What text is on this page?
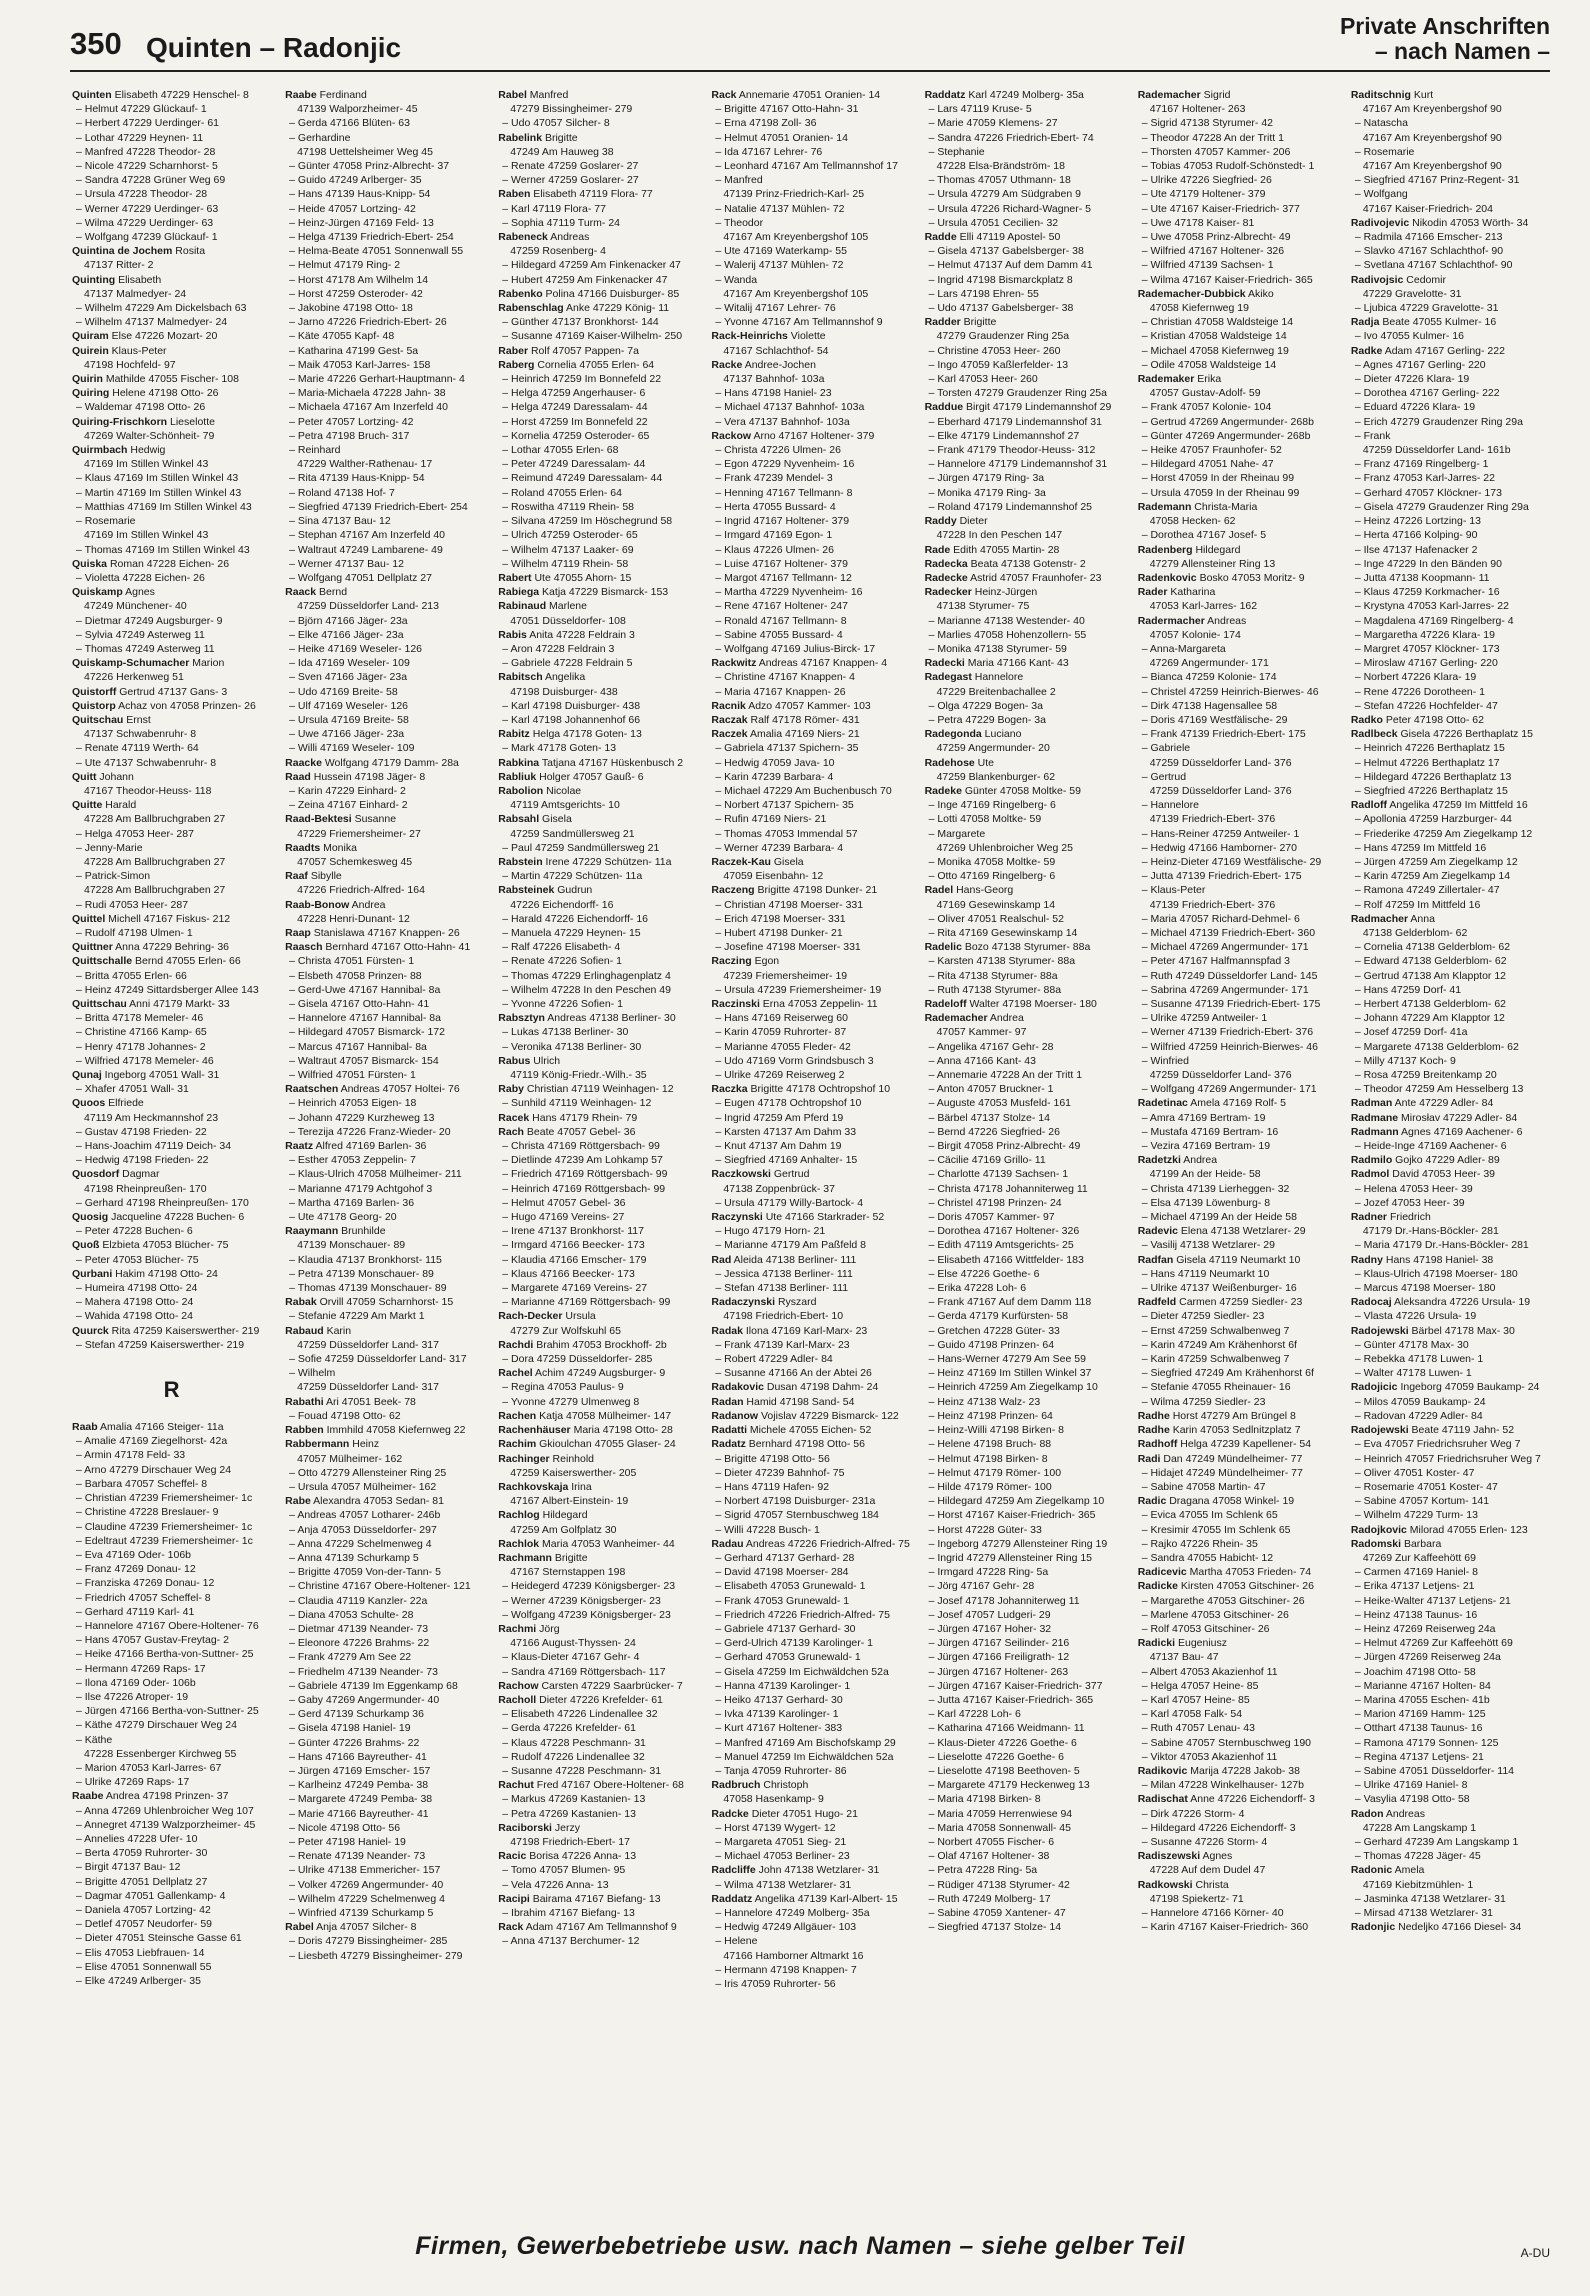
350 Quinten – Radonjic
Private Anschriften
– nach Namen –
Quinten Elisabeth 47229 Henschel- 8
– Helmut 47229 Glückauf- 1
– Herbert 47229 Uerdinger- 61
– Lothar 47229 Heynen- 11
– Manfred 47228 Theodor- 28
– Nicole 47229 Scharnhorst- 5
– Sandra 47228 Grüner Weg 69
– Ursula 47228 Theodor- 28
– Werner 47229 Uerdinger- 63
– Wilma 47229 Uerdinger- 63
– Wolfgang 47239 Glückauf- 1
Quintina de Jochem Rosita
47137 Ritter- 2
Quinting Elisabeth
47137 Malmedyer- 24
– Wilhelm 47229 Am Dickelsbach 63
– Wilhelm 47137 Malmedyer- 24
Quiram Else 47226 Mozart- 20
Quirein Klaus-Peter
47198 Hochfeld- 97
Quirin Mathilde 47055 Fischer- 108
Quiring Helene 47198 Otto- 26
– Waldemar 47198 Otto- 26
Quiring-Frischkorn Lieselotte
47269 Walter-Schönheit- 79
Quirmbach Hedwig
47169 Im Stillen Winkel 43
– Klaus 47169 Im Stillen Winkel 43
– Martin 47169 Im Stillen Winkel 43
– Matthias 47169 Im Stillen Winkel 43
– Rosemarie
47169 Im Stillen Winkel 43
– Thomas 47169 Im Stillen Winkel 43
Quiska Roman 47228 Eichen- 26
– Violetta 47228 Eichen- 26
Quiskamp Agnes
47249 Münchener- 40
– Dietmar 47249 Augsburger- 9
– Sylvia 47249 Asterweg 11
– Thomas 47249 Asterweg 11
Quiskamp-Schumacher Marion
47226 Herkenweg 51
Quistorff Gertrud 47137 Gans- 3
Quistorp Achaz von 47058 Prinzen- 26
Quitschau Ernst
47137 Schwabenruhr- 8
– Renate 47119 Werth- 64
– Ute 47137 Schwabenruhr- 8
Quitt Johann
47167 Theodor-Heuss- 118
Quitte Harald
47228 Am Ballbruchgraben 27
– Helga 47053 Heer- 287
– Jenny-Marie
47228 Am Ballbruchgraben 27
– Patrick-Simon
47228 Am Ballbruchgraben 27
– Rudi 47053 Heer- 287
Quittel Michell 47167 Fiskus- 212
– Rudolf 47198 Ulmen- 1
Quittner Anna 47229 Behring- 36
Quittschalle Bernd 47055 Erlen- 66
– Britta 47055 Erlen- 66
– Heinz 47249 Sittardsberger Allee 143
Quittschau Anni 47179 Markt- 33
– Britta 47178 Memeler- 46
– Christine 47166 Kamp- 65
– Henry 47178 Johannes- 2
– Wilfried 47178 Memeler- 46
Qunaj Ingeborg 47051 Wall- 31
– Xhafer 47051 Wall- 31
Quoos Elfriede
47119 Am Heckmannshof 23
– Gustav 47198 Frieden- 22
– Hans-Joachim 47119 Deich- 34
– Hedwig 47198 Frieden- 22
Quosdorf Dagmar
47198 Rheinpreußen- 170
– Gerhard 47198 Rheinpreußen- 170
Quosig Jacqueline 47228 Buchen- 6
– Peter 47228 Buchen- 6
Quoß Elzbieta 47053 Blücher- 75
– Peter 47053 Blücher- 75
Qurbani Hakim 47198 Otto- 24
– Humeira 47198 Otto- 24
– Mahera 47198 Otto- 24
– Wahida 47198 Otto- 24
Quurck Rita 47259 Kaiserswerther- 219
– Stefan 47259 Kaiserswerther- 219
R
Raab Amalia 47166 Steiger- 11a
– Amalie 47169 Ziegelhorst- 42a
– Armin 47178 Feld- 33
– Arno 47279 Dirschauer Weg 24
– Barbara 47057 Scheffel- 8
– Christian 47239 Friemersheimer- 1c
– Christine 47228 Breslauer- 9
– Claudine 47239 Friemersheimer- 1c
– Edeltraut 47239 Friemersheimer- 1c
– Eva 47169 Oder- 106b
– Franz 47269 Donau- 12
– Franziska 47269 Donau- 12
– Friedrich 47057 Scheffel- 8
– Gerhard 47119 Karl- 41
– Hannelore 47167 Obere-Holtener- 76
– Hans 47057 Gustav-Freytag- 2
– Heike 47166 Bertha-von-Suttner- 25
– Hermann 47269 Raps- 17
– Ilona 47169 Oder- 106b
– Ilse 47226 Atroper- 19
– Jürgen 47166 Bertha-von-Suttner- 25
– Käthe 47279 Dirschauer Weg 24
– Käthe
47228 Essenberger Kirchweg 55
– Marion 47053 Karl-Jarres- 67
– Ulrike 47269 Raps- 17
Raabe Andrea 47198 Prinzen- 37
– Anna 47269 Uhlenbroicher Weg 107
– Annegret 47139 Walzporzheimer- 45
– Annelies 47228 Ufer- 10
– Berta 47059 Ruhrorter- 30
– Birgit 47137 Bau- 12
– Brigitte 47051 Dellplatz 27
– Dagmar 47051 Gallenkamp- 4
– Daniela 47057 Lortzing- 42
– Detlef 47057 Neudorfer- 59
– Dieter 47051 Steinsche Gasse 61
– Elis 47053 Liebfrauen- 14
– Elise 47051 Sonnenwall 55
– Elke 47249 Arlberger- 35
Raabe Ferdinand
47139 Walporzheimer- 45
– Gerda 47166 Blüten- 63
– Gerhardine
47198 Uettelsheimer Weg 45
– Günter 47058 Prinz-Albrecht- 37
– Guido 47249 Arlberger- 35
– Hans 47139 Haus-Knipp- 54
– Heide 47057 Lortzing- 42
– Heinz-Jürgen 47169 Feld- 13
– Helga 47139 Friedrich-Ebert- 254
– Helma-Beate 47051 Sonnenwall 55
– Helmut 47179 Ring- 2
– Horst 47178 Am Wilhelm 14
– Horst 47259 Osteroder- 42
– Jakobine 47198 Otto- 18
– Jarno 47226 Friedrich-Ebert- 26
– Käte 47055 Kapf- 48
– Katharina 47199 Gest- 5a
– Maik 47053 Karl-Jarres- 158
– Marie 47226 Gerhart-Hauptmann- 4
– Maria-Michaela 47228 Jahn- 38
– Michaela 47167 Am Inzerfeld 40
– Peter 47057 Lortzing- 42
– Petra 47198 Bruch- 317
– Reinhard
47229 Walther-Rathenau- 17
– Rita 47139 Haus-Knipp- 54
– Roland 47138 Hof- 7
– Siegfried 47139 Friedrich-Ebert- 254
– Sina 47137 Bau- 12
– Stephan 47167 Am Inzerfeld 40
– Waltraut 47249 Lambarene- 49
– Werner 47137 Bau- 12
– Wolfgang 47051 Dellplatz 27
Raack Bernd
47259 Düsseldorfer Land- 213
– Björn 47166 Jäger- 23a
– Elke 47166 Jäger- 23a
– Heike 47169 Weseler- 126
– Ida 47169 Weseler- 109
– Sven 47166 Jäger- 23a
– Udo 47169 Breite- 58
– Ulf 47169 Weseler- 126
– Ursula 47169 Breite- 58
– Uwe 47166 Jäger- 23a
– Willi 47169 Weseler- 109
Raacke Wolfgang 47179 Damm- 28a
Raad Hussein 47198 Jäger- 8
– Karin 47229 Einhard- 2
– Zeina 47167 Einhard- 2
Raad-Bektesi Susanne
47229 Friemersheimer- 27
Raadts Monika
47057 Schemkesweg 45
Raaf Sibylle
47226 Friedrich-Alfred- 164
Raab-Bonow Andrea
47228 Henri-Dunant- 12
Raap Stanislawa 47167 Knappen- 26
Raasch Bernhard 47167 Otto-Hahn- 41
– Christa 47051 Fürsten- 1
– Elsbeth 47058 Prinzen- 88
– Gerd-Uwe 47167 Hannibal- 8a
– Gisela 47167 Otto-Hahn- 41
– Hannelore 47167 Hannibal- 8a
– Hildegard 47057 Bismarck- 172
– Marcus 47167 Hannibal- 8a
– Waltraut 47057 Bismarck- 154
– Wilfried 47051 Fürsten- 1
Raatschen Andreas 47057 Holtei- 76
– Heinrich 47053 Eigen- 18
– Johann 47229 Kurzheweg 13
– Terezija 47226 Franz-Wieder- 20
Raatz Alfred 47169 Barlen- 36
– Esther 47053 Zeppelin- 7
– Klaus-Ulrich 47058 Mülheimer- 211
– Marianne 47179 Achtgohof 3
– Martha 47169 Barlen- 36
– Ute 47178 Georg- 20
Raaymann Brunhilde
47139 Monschauer- 89
– Klaudia 47137 Bronkhorst- 115
– Petra 47139 Monschauer- 89
– Thomas 47139 Monschauer- 89
Rabak Orvill 47059 Scharnhorst- 15
– Stefanie 47229 Am Markt 1
Rabaud Karin
47259 Düsseldorfer Land- 317
– Sofie 47259 Düsseldorfer Land- 317
– Wilhelm
47259 Düsseldorfer Land- 317
Rabathi Ari 47051 Beek- 78
– Fouad 47198 Otto- 62
Rabben Immhild 47058 Kiefernweg 22
Rabbermann Heinz
47057 Mülheimer- 162
– Otto 47279 Allensteiner Ring 25
– Ursula 47057 Mülheimer- 162
Rabe Alexandra 47053 Sedan- 81
– Andreas 47057 Lotharer- 246b
– Anja 47053 Düsseldorfer- 297
– Anna 47229 Schelmenweg 4
– Anna 47139 Schurkamp 5
– Brigitte 47059 Von-der-Tann- 5
– Christine 47167 Obere-Holtener- 121
– Claudia 47119 Kanzler- 22a
– Diana 47053 Schulte- 28
– Dietmar 47139 Neander- 73
– Eleonore 47226 Brahms- 22
– Frank 47279 Am See 22
– Friedhelm 47139 Neander- 73
– Gabriele 47139 Im Eggenkamp 68
– Gaby 47269 Angermunder- 40
– Gerd 47139 Schurkamp 36
– Gisela 47198 Haniel- 19
– Günter 47226 Brahms- 22
– Hans 47166 Bayreuther- 41
– Jürgen 47169 Emscher- 157
– Karlheinz 47249 Pemba- 38
– Margarete 47249 Pemba- 38
– Marie 47166 Bayreuther- 41
– Nicole 47198 Otto- 56
– Peter 47198 Haniel- 19
– Renate 47139 Neander- 73
– Ulrike 47138 Emmericher- 157
– Volker 47269 Angermunder- 40
– Wilhelm 47229 Schelmenweg 4
– Winfried 47139 Schurkamp 5
Rabel Anja 47057 Silcher- 8
– Doris 47279 Bissingheimer- 285
– Liesbeth 47279 Bissingheimer- 279
Rabel Manfred
47279 Bissingheimer- 279
– Udo 47057 Silcher- 8
Rabelink Brigitte
47249 Am Hauweg 38
– Renate 47259 Goslarer- 27
– Werner 47259 Goslarer- 27
Raben Elisabeth 47119 Flora- 77
– Karl 47119 Flora- 77
– Sophia 47119 Turm- 24
Rabeneck Andreas
47259 Rosenberg- 4
– Hildegard 47259 Am Finkenacker 47
– Hubert 47259 Am Finkenacker 47
Rabenko Polina 47166 Duisburger- 85
Rabenschlag Anke 47229 König- 11
– Günther 47137 Bronkhorst- 144
– Susanne 47169 Kaiser-Wilhelm- 250
Raber Rolf 47057 Pappen- 7a
Raberg Cornelia 47055 Erlen- 64
– Heinrich 47259 Im Bonnefeld 22
– Helga 47259 Angerhauser- 6
– Helga 47249 Daressalam- 44
– Horst 47259 Im Bonnefeld 22
– Kornelia 47259 Osteroder- 65
– Lothar 47055 Erlen- 68
– Peter 47249 Daressalam- 44
– Reimund 47249 Daressalam- 44
– Roland 47055 Erlen- 64
– Roswitha 47119 Rhein- 58
– Silvana 47259 Im Höschegrund 58
– Ulrich 47259 Osteroder- 65
– Wilhelm 47137 Laaker- 69
– Wilhelm 47119 Rhein- 58
Rabert Ute 47055 Ahorn- 15
Rabiega Katja 47229 Bismarck- 153
Rabinaud Marlene
47051 Düsseldorfer- 108
Rabis Anita 47228 Feldrain 3
– Aron 47228 Feldrain 3
– Gabriele 47228 Feldrain 5
Rabitsch Angelika
47198 Duisburger- 438
– Karl 47198 Duisburger- 438
– Karl 47198 Johannenhof 66
Rabitz Helga 47178 Goten- 13
– Mark 47178 Goten- 13
Rabkina Tatjana 47167 Hüskenbusch 2
Rabliuk Holger 47057 Gauß- 6
Rabolion Nicolae
47119 Amtsgerichts- 10
Rabsahl Gisela
47259 Sandmüllersweg 21
– Paul 47259 Sandmüllersweg 21
Rabstein Irene 47229 Schützen- 11a
– Martin 47229 Schützen- 11a
Rabsteinek Gudrun
47226 Eichendorff- 16
– Harald 47226 Eichendorff- 16
– Manuela 47229 Heynen- 15
– Ralf 47226 Elisabeth- 4
– Renate 47226 Sofien- 1
– Thomas 47229 Erlinghagenplatz 4
– Wilhelm 47228 In den Peschen 49
– Yvonne 47226 Sofien- 1
Rabsztyn Andreas 47138 Berliner- 30
– Lukas 47138 Berliner- 30
– Veronika 47138 Berliner- 30
Rabus Ulrich
47119 König-Friedr.-Wilh.- 35
Raby Christian 47119 Weinhagen- 12
– Sunhild 47119 Weinhagen- 12
Racek Hans 47179 Rhein- 79
Rach Beate 47057 Gebel- 36
– Christa 47169 Röttgersbach- 99
– Dietlinde 47239 Am Lohkamp 57
– Friedrich 47169 Röttgersbach- 99
– Heinrich 47169 Röttgersbach- 99
– Helmut 47057 Gebel- 36
– Hugo 47169 Vereins- 27
– Irene 47137 Bronkhorst- 117
– Irmgard 47166 Beecker- 173
– Klaudia 47166 Emscher- 179
– Klaus 47166 Beecker- 173
– Margarete 47169 Vereins- 27
– Marianne 47169 Röttgersbach- 99
Rach-Decker Ursula
47279 Zur Wolfskuhl 65
Rachdi Brahim 47053 Brockhoff- 2b
– Dora 47259 Düsseldorfer- 285
Rachel Achim 47249 Augsburger- 9
– Regina 47053 Paulus- 9
– Yvonne 47279 Ulmenweg 8
Rachen Katja 47058 Mülheimer- 147
Rachenhäuser Maria 47198 Otto- 28
Rachim Gkioulchan 47055 Glaser- 24
Rachinger Reinhold
47259 Kaiserswerther- 205
Rachkovskaja Irina
47167 Albert-Einstein- 19
Rachlog Hildegard
47259 Am Golfplatz 30
Rachlok Maria 47053 Wanheimer- 44
Rachmann Brigitte
47167 Sternstappen 198
– Heidegerd 47239 Königsberger- 23
– Werner 47239 Königsberger- 23
– Wolfgang 47239 Königsberger- 23
Rachmi Jörg
47166 August-Thyssen- 24
– Klaus-Dieter 47167 Gehr- 4
– Sandra 47169 Röttgersbach- 117
Rachow Carsten 47229 Saarbrücker- 7
Racholl Dieter 47226 Krefelder- 61
– Elisabeth 47226 Lindenallee 32
– Gerda 47226 Krefelder- 61
– Klaus 47228 Peschmann- 31
– Rudolf 47226 Lindenallee 32
– Susanne 47228 Peschmann- 31
Rachut Fred 47167 Obere-Holtener- 68
– Markus 47269 Kastanien- 13
– Petra 47269 Kastanien- 13
Raciborski Jerzy
47198 Friedrich-Ebert- 17
Racic Borisa 47226 Anna- 13
– Tomo 47057 Blumen- 95
– Vela 47226 Anna- 13
Racipi Bairama 47167 Biefang- 13
– Ibrahim 47167 Biefang- 13
Rack Adam 47167 Am Tellmannshof 9
– Anna 47137 Berchumer- 12
Rack Annemarie 47051 Oranien- 14
– Brigitte 47167 Otto-Hahn- 31
– Erna 47198 Zoll- 36
– Helmut 47051 Oranien- 14
– Ida 47167 Lehrer- 76
– Leonhard 47167 Am Tellmannshof 17
– Manfred
47139 Prinz-Friedrich-Karl- 25
– Natalie 47137 Mühlen- 72
– Theodor
47167 Am Kreyenbergshof 105
– Ute 47169 Waterkamp- 55
– Walerij 47137 Mühlen- 72
– Wanda
47167 Am Kreyenbergshof 105
– Witalij 47167 Lehrer- 76
– Yvonne 47167 Am Tellmannshof 9
Rack-Heinrichs Violette
47167 Schlachthof- 54
Racke Andree-Jochen
47137 Bahnhof- 103a
– Hans 47198 Haniel- 23
– Michael 47137 Bahnhof- 103a
– Vera 47137 Bahnhof- 103a
Rackow Arno 47167 Holtener- 379
– Christa 47226 Ulmen- 26
– Egon 47229 Nyvenheim- 16
– Frank 47239 Mendel- 3
– Henning 47167 Tellmann- 8
– Herta 47055 Bussard- 4
– Ingrid 47167 Holtener- 379
– Irmgard 47169 Egon- 1
– Klaus 47226 Ulmen- 26
– Luise 47167 Holtener- 379
– Margot 47167 Tellmann- 12
– Martha 47229 Nyvenheim- 16
– Rene 47167 Holtener- 247
– Ronald 47167 Tellmann- 8
– Sabine 47055 Bussard- 4
– Wolfgang 47169 Julius-Birck- 17
Rackwitz Andreas 47167 Knappen- 4
– Christine 47167 Knappen- 4
– Maria 47167 Knappen- 26
Racnik Adzo 47057 Kammer- 103
Raczak Ralf 47178 Römer- 431
Raczek Amalia 47169 Niers- 21
– Gabriela 47137 Spichern- 35
– Hedwig 47059 Java- 10
– Karin 47239 Barbara- 4
– Michael 47229 Am Buchenbusch 70
– Norbert 47137 Spichern- 35
– Rufin 47169 Niers- 21
– Thomas 47053 Immendal 57
– Werner 47239 Barbara- 4
Raczek-Kau Gisela
47059 Eisenbahn- 12
Raczeng Brigitte 47198 Dunker- 21
– Christian 47198 Moerser- 331
– Erich 47198 Moerser- 331
– Hubert 47198 Dunker- 21
– Josefine 47198 Moerser- 331
Raczing Egon
47239 Friemersheimer- 19
– Ursula 47239 Friemersheimer- 19
Raczinski Erna 47053 Zeppelin- 11
– Hans 47169 Reiserweg 60
– Karin 47059 Ruhrorter- 87
– Marianne 47055 Fleder- 42
– Udo 47169 Vorm Grindsbusch 3
– Ulrike 47269 Reiserweg 2
Raczka Brigitte 47178 Ochtropshof 10
– Eugen 47178 Ochtropshof 10
– Ingrid 47259 Am Pferd 19
– Karsten 47137 Am Dahm 33
– Knut 47137 Am Dahm 19
– Siegfried 47169 Anhalter- 15
Raczkowski Gertrud
47138 Zoppenbrück- 37
– Ursula 47179 Willy-Bartock- 4
Raczynski Ute 47166 Starkrader- 52
– Hugo 47179 Horn- 21
– Marianne 47179 Am Paßfeld 8
Rad Aleida 47138 Berliner- 111
– Jessica 47138 Berliner- 111
– Stefan 47138 Berliner- 111
Radaczynski Ryszard
47198 Friedrich-Ebert- 10
Radak Ilona 47169 Karl-Marx- 23
– Frank 47139 Karl-Marx- 23
– Robert 47229 Adler- 84
– Susanne 47166 An der Abtei 26
Radakovic Dusan 47198 Dahm- 24
Radan Hamid 47198 Sand- 54
Radanow Vojislav 47229 Bismarck- 122
Radatti Michele 47055 Eichen- 52
Radatz Bernhard 47198 Otto- 56
– Brigitte 47198 Otto- 56
– Dieter 47239 Bahnhof- 75
– Hans 47119 Hafen- 92
– Norbert 47198 Duisburger- 231a
– Sigrid 47057 Sternbuschweg 184
– Willi 47228 Busch- 1
Radau Andreas 47226 Friedrich-Alfred- 75
– Gerhard 47137 Gerhard- 28
– David 47198 Moerser- 284
– Elisabeth 47053 Grunewald- 1
– Frank 47053 Grunewald- 1
– Friedrich 47226 Friedrich-Alfred- 75
– Gabriele 47137 Gerhard- 30
– Gerd-Ulrich 47139 Karolinger- 1
– Gerhard 47053 Grunewald- 1
– Gisela 47259 Im Eichwäldchen 52a
– Hanna 47139 Karolinger- 1
– Heiko 47137 Gerhard- 30
– Ivka 47139 Karolinger- 1
– Kurt 47167 Holtener- 383
– Manfred 47169 Am Bischofskamp 29
– Manuel 47259 Im Eichwäldchen 52a
– Tanja 47059 Ruhrorter- 86
Radbruch Christoph
47058 Hasenkamp- 9
Radcke Dieter 47051 Hugo- 21
– Horst 47139 Wygert- 12
– Margareta 47051 Sieg- 21
– Michael 47053 Berliner- 23
Radcliffe John 47138 Wetzlarer- 31
– Wilma 47138 Wetzlarer- 31
Raddatz Angelika 47139 Karl-Albert- 15
– Hannelore 47249 Molberg- 35a
– Hedwig 47249 Allgäuer- 103
– Helene
47166 Hamborner Altmarkt 16
– Hermann 47198 Knappen- 7
– Iris 47059 Ruhrorter- 56
Raddatz Karl 47249 Molberg- 35a
– Lars 47119 Kruse- 5
– Marie 47059 Klemens- 27
– Sandra 47226 Friedrich-Ebert- 74
– Stephanie
47228 Elsa-Brändström- 18
– Thomas 47057 Uthmann- 18
– Ursula 47279 Am Südgraben 9
– Ursula 47226 Richard-Wagner- 5
– Ursula 47051 Cecilien- 32
Radde Elli 47119 Apostel- 50
– Gisela 47137 Gabelsberger- 38
– Helmut 47137 Auf dem Damm 41
– Ingrid 47198 Bismarckplatz 8
– Lars 47198 Ehren- 55
– Udo 47137 Gabelsberger- 38
Radder Brigitte
47279 Graudenzer Ring 25a
– Christine 47053 Heer- 260
– Ingo 47059 Kaßlerfelder- 13
– Karl 47053 Heer- 260
– Torsten 47279 Graudenzer Ring 25a
Raddue Birgit 47179 Lindemannshof 29
– Eberhard 47179 Lindemannshof 31
– Elke 47179 Lindemannshof 27
– Frank 47179 Theodor-Heuss- 312
– Hannelore 47179 Lindemannshof 31
– Jürgen 47179 Ring- 3a
– Monika 47179 Ring- 3a
– Roland 47179 Lindemannshof 25
Raddy Dieter
47228 In den Peschen 147
Rade Edith 47055 Martin- 28
Radecka Beata 47138 Gotenstr- 2
Radecke Astrid 47057 Fraunhofer- 23
Radecker Heinz-Jürgen
47138 Styrumer- 75
– Marianne 47138 Westender- 40
– Marlies 47058 Hohenzollern- 55
– Monika 47138 Styrumer- 59
Radecki Maria 47166 Kant- 43
Radegast Hannelore
47229 Breitenbachallee 2
– Olga 47229 Bogen- 3a
– Petra 47229 Bogen- 3a
Radegonda Luciano
47259 Angermunder- 20
Radehose Ute
47259 Blankenburger- 62
Radeke Günter 47058 Moltke- 59
– Inge 47169 Ringelberg- 6
– Lotti 47058 Moltke- 59
– Margarete
47269 Uhlenbroicher Weg 25
– Monika 47058 Moltke- 59
– Otto 47169 Ringelberg- 6
Radel Hans-Georg
47169 Gesewinskamp 14
– Oliver 47051 Realschul- 52
– Rita 47169 Gesewinskamp 14
Radelic Bozo 47138 Styrumer- 88a
– Karsten 47138 Styrumer- 88a
– Rita 47138 Styrumer- 88a
– Ruth 47138 Styrumer- 88a
Radeloff Walter 47198 Moerser- 180
Rademacher Andrea
47057 Kammer- 97
– Angelika 47167 Gehr- 28
– Anna 47166 Kant- 43
– Annemarie 47228 An der Tritt 1
– Anton 47057 Bruckner- 1
– Auguste 47053 Musfeld- 161
– Bärbel 47137 Stolze- 14
– Bernd 47226 Siegfried- 26
– Birgit 47058 Prinz-Albrecht- 49
– Cäcilie 47169 Grillo- 11
– Charlotte 47139 Sachsen- 1
– Christa 47178 Johanniterweg 11
– Christel 47198 Prinzen- 24
– Doris 47057 Kammer- 97
– Dorothea 47167 Holtener- 326
– Edith 47119 Amtsgerichts- 25
– Elisabeth 47166 Wittfelder- 183
– Else 47226 Goethe- 6
– Erika 47228 Loh- 6
– Frank 47167 Auf dem Damm 118
– Gerda 47179 Kurfürsten- 58
– Gretchen 47228 Güter- 33
– Guido 47198 Prinzen- 64
– Hans-Werner 47279 Am See 59
– Heinz 47169 Im Stillen Winkel 37
– Heinrich 47259 Am Ziegelkamp 10
– Heinz 47138 Walz- 23
– Heinz 47198 Prinzen- 64
– Heinz-Willi 47198 Birken- 8
– Helene 47198 Bruch- 88
– Helmut 47198 Birken- 8
– Helmut 47179 Römer- 100
– Hilde 47179 Römer- 100
– Hildegard 47259 Am Ziegelkamp 10
– Horst 47167 Kaiser-Friedrich- 365
– Horst 47228 Güter- 33
– Ingeborg 47279 Allensteiner Ring 19
– Ingrid 47279 Allensteiner Ring 15
– Irmgard 47228 Ring- 5a
– Jörg 47167 Gehr- 28
– Josef 47178 Johanniterweg 11
– Josef 47057 Ludgeri- 29
– Jürgen 47167 Hoher- 32
– Jürgen 47167 Seilinder- 216
– Jürgen 47166 Freiligrath- 12
– Jürgen 47167 Holtener- 263
– Jürgen 47167 Kaiser-Friedrich- 377
– Jutta 47167 Kaiser-Friedrich- 365
– Karl 47228 Loh- 6
– Katharina 47166 Weidmann- 11
– Klaus-Dieter 47226 Goethe- 6
– Lieselotte 47226 Goethe- 6
– Lieselotte 47198 Beethoven- 5
– Margarete 47179 Heckenweg 13
– Maria 47198 Birken- 8
– Maria 47059 Herrenwiese 94
– Maria 47058 Sonnenwall- 45
– Norbert 47055 Fischer- 6
– Olaf 47167 Holtener- 38
– Petra 47228 Ring- 5a
– Rüdiger 47138 Styrumer- 42
– Ruth 47249 Molberg- 17
– Sabine 47059 Xantener- 47
– Siegfried 47137 Stolze- 14
Rademacher Sigrid
47167 Holtener- 263
– Sigrid 47138 Styrumer- 42
– Theodor 47228 An der Tritt 1
– Thorsten 47057 Kammer- 206
– Tobias 47053 Rudolf-Schönstedt- 1
– Ulrike 47226 Siegfried- 26
– Ute 47179 Holtener- 379
– Ute 47167 Kaiser-Friedrich- 377
– Uwe 47178 Kaiser- 81
– Uwe 47058 Prinz-Albrecht- 49
– Wilfried 47167 Holtener- 326
– Wilfried 47139 Sachsen- 1
– Wilma 47167 Kaiser-Friedrich- 365
Rademacher-Dubbick Akiko
47058 Kiefernweg 19
– Christian 47058 Waldsteige 14
– Kristian 47058 Waldsteige 14
– Michael 47058 Kiefernweg 19
– Odile 47058 Waldsteige 14
Rademaker Erika
47057 Gustav-Adolf- 59
– Frank 47057 Kolonie- 104
– Gertrud 47269 Angermunder- 268b
– Günter 47269 Angermunder- 268b
– Heike 47057 Fraunhofer- 52
– Hildegard 47051 Nahe- 47
– Horst 47059 In der Rheinau 99
– Ursula 47059 In der Rheinau 99
Rademann Christa-Maria
47058 Hecken- 62
– Dorothea 47167 Josef- 5
Radenberg Hildegard
47279 Allensteiner Ring 13
Radenkovic Bosko 47053 Moritz- 9
Rader Katharina
47053 Karl-Jarres- 162
Radermacher Andreas
47057 Kolonie- 174
– Anna-Margareta
47269 Angermunder- 171
– Bianca 47259 Kolonie- 174
– Christel 47259 Heinrich-Bierwes- 46
– Dirk 47138 Hagensallee 58
– Doris 47169 Westfälische- 29
– Frank 47139 Friedrich-Ebert- 175
– Gabriele
47259 Düsseldorfer Land- 376
– Gertrud
47259 Düsseldorfer Land- 376
– Hannelore
47139 Friedrich-Ebert- 376
– Hans-Reiner 47259 Antweiler- 1
– Hedwig 47166 Hamborner- 270
– Heinz-Dieter 47169 Westfälische- 29
– Jutta 47139 Friedrich-Ebert- 175
– Klaus-Peter
47139 Friedrich-Ebert- 376
– Maria 47057 Richard-Dehmel- 6
– Michael 47139 Friedrich-Ebert- 360
– Michael 47269 Angermunder- 171
– Peter 47167 Halfmannspfad 3
– Ruth 47249 Düsseldorfer Land- 145
– Sabrina 47269 Angermunder- 171
– Susanne 47139 Friedrich-Ebert- 175
– Ulrike 47259 Antweiler- 1
– Werner 47139 Friedrich-Ebert- 376
– Wilfried 47259 Heinrich-Bierwes- 46
– Winfried
47259 Düsseldorfer Land- 376
– Wolfgang 47269 Angermunder- 171
Radetinac Amela 47169 Rolf- 5
– Amra 47169 Bertram- 19
– Mustafa 47169 Bertram- 16
– Vezira 47169 Bertram- 19
Radetzki Andrea
47199 An der Heide- 58
– Christa 47139 Lierheggen- 32
– Elsa 47139 Löwenburg- 8
– Michael 47199 An der Heide 58
Radevic Elena 47138 Wetzlarer- 29
– Vasilij 47138 Wetzlarer- 29
Radfan Gisela 47119 Neumarkt 10
– Hans 47119 Neumarkt 10
– Ulrike 47137 Weißenburger- 16
Radfeld Carmen 47259 Siedler- 23
– Dieter 47259 Siedler- 23
– Ernst 47259 Schwalbenweg 7
– Karin 47249 Am Krähenhorst 6f
– Karin 47259 Schwalbenweg 7
– Siegfried 47249 Am Krähenhorst 6f
– Stefanie 47055 Rheinauer- 16
– Wilma 47259 Siedler- 23
Radhe Horst 47279 Am Brüngel 8
Radhe Karin 47053 Sedlnitzplatz 7
Radhoff Helga 47239 Kapellener- 54
Radi Dan 47249 Mündelheimer- 77
– Hidajet 47249 Mündelheimer- 77
– Sabine 47058 Martin- 47
Radic Dragana 47058 Winkel- 19
– Evica 47055 Im Schlenk 65
– Kresimir 47055 Im Schlenk 65
– Rajko 47226 Rhein- 35
– Sandra 47055 Habicht- 12
Radicevic Martha 47053 Frieden- 74
Radicke Kirsten 47053 Gitschiner- 26
– Margarethe 47053 Gitschiner- 26
– Marlene 47053 Gitschiner- 26
– Rolf 47053 Gitschiner- 26
Radicki Eugeniusz
47137 Bau- 47
– Albert 47053 Akazienhof 11
– Helga 47057 Heine- 85
– Karl 47057 Heine- 85
– Karl 47058 Falk- 54
– Ruth 47057 Lenau- 43
– Sabine 47057 Sternbuschweg 190
– Viktor 47053 Akazienhof 11
Radikovic Marija 47228 Jakob- 38
– Milan 47228 Winkelhauser- 127b
Radischat Anne 47226 Eichendorff- 3
– Dirk 47226 Storm- 4
– Hildegard 47226 Eichendorff- 3
– Susanne 47226 Storm- 4
Radiszewski Agnes
47228 Auf dem Dudel 47
Radkowski Christa
47198 Spiekertz- 71
– Hannelore 47166 Körner- 40
– Karin 47167 Kaiser-Friedrich- 360
Raditschnig Kurt
47167 Am Kreyenbergshof 90
– Natascha
47167 Am Kreyenbergshof 90
– Rosemarie
47167 Am Kreyenbergshof 90
– Siegfried 47167 Prinz-Regent- 31
– Wolfgang
47167 Kaiser-Friedrich- 204
Radivojevic Nikodin 47053 Wörth- 34
– Radmila 47166 Emscher- 213
– Slavko 47167 Schlachthof- 90
– Svetlana 47167 Schlachthof- 90
Radivojsic Cedomir
47229 Gravelotte- 31
– Ljubica 47229 Gravelotte- 31
Radja Beate 47055 Kulmer- 16
– Ivo 47055 Kulmer- 16
Radke Adam 47167 Gerling- 222
– Agnes 47167 Gerling- 220
– Dieter 47226 Klara- 19
– Dorothea 47167 Gerling- 222
– Eduard 47226 Klara- 19
– Erich 47279 Graudenzer Ring 29a
– Frank
47259 Düsseldorfer Land- 161b
– Franz 47169 Ringelberg- 1
– Franz 47053 Karl-Jarres- 22
– Gerhard 47057 Klöckner- 173
– Gisela 47279 Graudenzer Ring 29a
– Heinz 47226 Lortzing- 13
– Herta 47166 Kolping- 90
– Ilse 47137 Hafenacker 2
– Inge 47229 In den Bänden 90
– Jutta 47138 Koopmann- 11
– Klaus 47259 Korkmacher- 16
– Krystyna 47053 Karl-Jarres- 22
– Magdalena 47169 Ringelberg- 4
– Margaretha 47226 Klara- 19
– Margret 47057 Klöckner- 173
– Miroslaw 47167 Gerling- 220
– Norbert 47226 Klara- 19
– Rene 47226 Dorotheen- 1
– Stefan 47226 Hochfelder- 47
Radko Peter 47198 Otto- 62
Radlbeck Gisela 47226 Berthaplatz 15
– Heinrich 47226 Berthaplatz 15
– Helmut 47226 Berthaplatz 17
– Hildegard 47226 Berthaplatz 13
– Siegfried 47226 Berthaplatz 15
Radloff Angelika 47259 Im Mittfeld 16
– Apollonia 47259 Harzburger- 44
– Friederike 47259 Am Ziegelkamp 12
– Hans 47259 Im Mittfeld 16
– Jürgen 47259 Am Ziegelkamp 12
– Karin 47259 Am Ziegelkamp 14
– Ramona 47249 Zillertaler- 47
– Rolf 47259 Im Mittfeld 16
Radmacher Anna
47138 Gelderblom- 62
– Cornelia 47138 Gelderblom- 62
– Edward 47138 Gelderblom- 62
– Gertrud 47138 Am Klapptor 12
– Hans 47259 Dorf- 41
– Herbert 47138 Gelderblom- 62
– Johann 47229 Am Klapptor 12
– Josef 47259 Dorf- 41a
– Margarete 47138 Gelderblom- 62
– Milly 47137 Koch- 9
– Rosa 47259 Breitenkamp 20
– Theodor 47259 Am Hesselberg 13
Radman Ante 47229 Adler- 84
Radmane Mirosłav 47229 Adler- 84
Radmann Agnes 47169 Aachener- 6
– Heide-Inge 47169 Aachener- 6
Radmilo Gojko 47229 Adler- 89
Radmol David 47053 Heer- 39
– Helena 47053 Heer- 39
– Jozef 47053 Heer- 39
Radner Friedrich
47179 Dr.-Hans-Böckler- 281
– Maria 47179 Dr.-Hans-Böckler- 281
Radny Hans 47198 Haniel- 38
– Klaus-Ulrich 47198 Moerser- 180
– Marcus 47198 Moerser- 180
Radocaj Aleksandra 47226 Ursula- 19
– Vlasta 47226 Ursula- 19
Radojewski Bärbel 47178 Max- 30
– Günter 47178 Max- 30
– Rebekka 47178 Luwen- 1
– Walter 47178 Luwen- 1
Radojicic Ingeborg 47059 Baukamp- 24
– Milos 47059 Baukamp- 24
– Radovan 47229 Adler- 84
Radojewski Beate 47119 Jahn- 52
– Eva 47057 Friedrichsruher Weg 7
– Heinrich 47057 Friedrichsruher Weg 7
– Oliver 47051 Koster- 47
– Rosemarie 47051 Koster- 47
– Sabine 47057 Kortum- 141
– Wilhelm 47229 Turm- 13
Radojkovic Milorad 47055 Erlen- 123
Radomski Barbara
47269 Zur Kaffeehött 69
– Carmen 47169 Haniel- 8
– Erika 47137 Letjens- 21
– Heike-Walter 47137 Letjens- 21
– Heinz 47138 Taunus- 16
– Heinz 47269 Reiserweg 24a
– Helmut 47269 Zur Kaffeehött 69
– Jürgen 47269 Reiserweg 24a
– Joachim 47198 Otto- 58
– Marianne 47167 Holten- 84
– Marina 47055 Eschen- 41b
– Marion 47169 Hamm- 125
– Otthart 47138 Taunus- 16
– Ramona 47179 Sonnen- 125
– Regina 47137 Letjens- 21
– Sabine 47051 Düsseldorfer- 114
– Ulrike 47169 Haniel- 8
– Vasylia 47198 Otto- 58
Radon Andreas
47228 Am Langskamp 1
– Gerhard 47239 Am Langskamp 1
– Thomas 47228 Jäger- 45
Radonic Amela
47169 Kiebitzmühlen- 1
– Jasminka 47138 Wetzlarer- 31
– Mirsad 47138 Wetzlarer- 31
Radonjic Nedeljko 47166 Diesel- 34
Firmen, Gewerbebetriebe usw. nach Namen – siehe gelber Teil	A-DU
